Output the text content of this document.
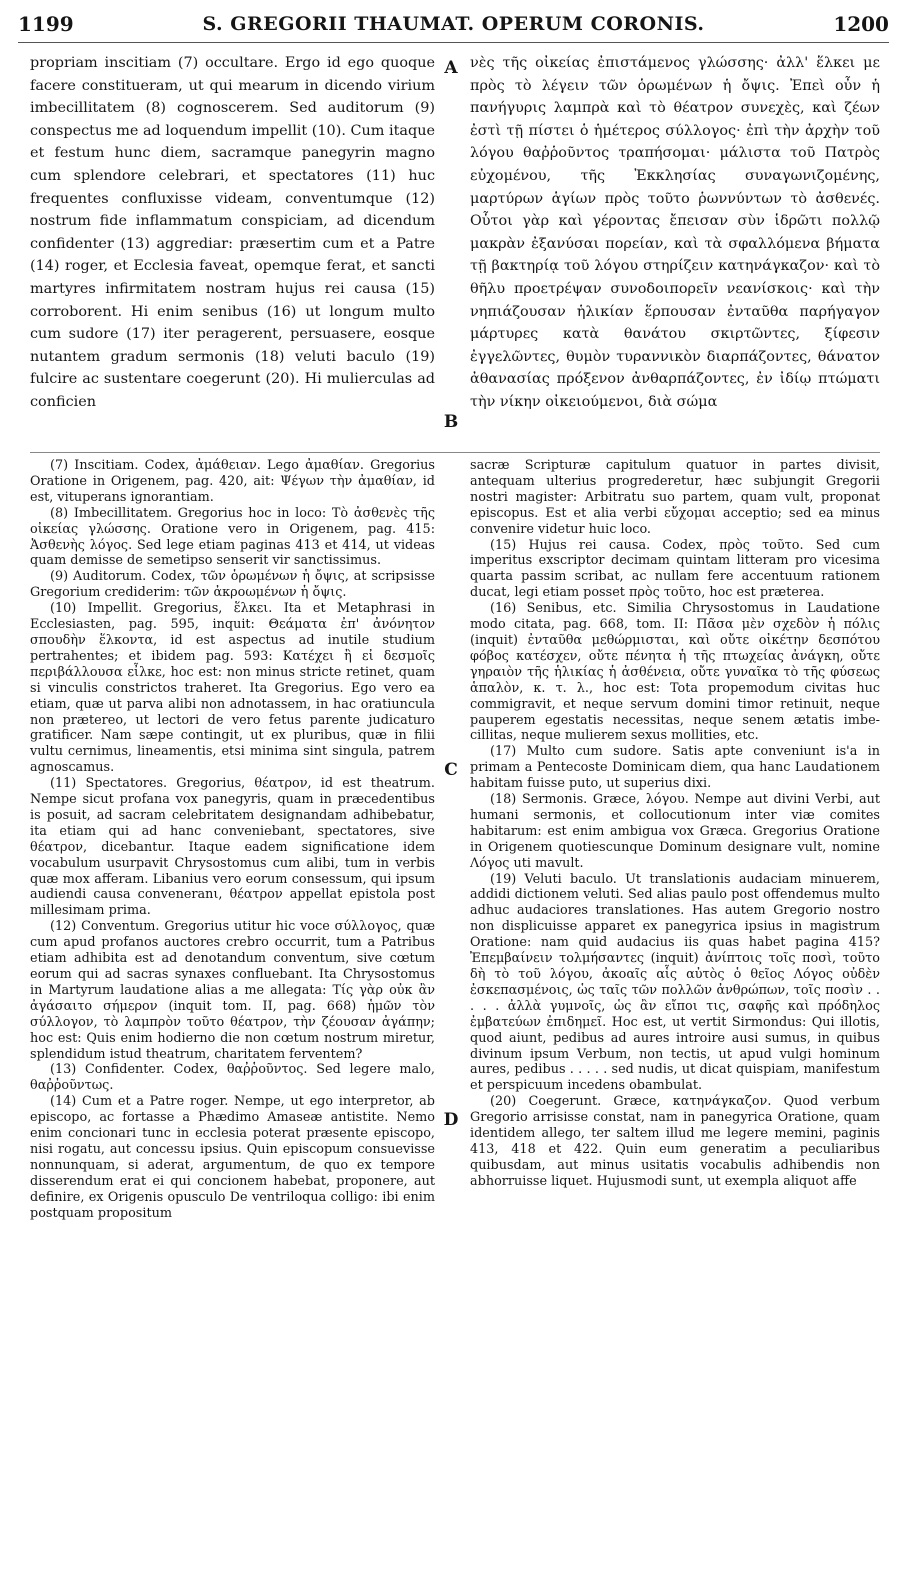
1199	S. GREGORII THAUMAT. OPERUM CORONIS.	1200

propriam inscitiam (7) occultare. Ergo id ego quoque facere constitueram, ut qui mearum in dicendo virium imbecillitatem (8) cognoscerem. Sed auditorum (9) conspectus me ad loquendum impellit (10). Cum itaque et festum hunc diem, sacramque panegyrin magno cum splendore celebrari, et spectatores (11) huc frequentes confluxisse videam, conventumque (12) nostrum fide inflammatum conspiciam, ad dicendum confidenter (13) aggrediar: præsertim cum et a Patre (14) roger, et Ecclesia faveat, opemque ferat, et sancti martyres infirmitatem nostram hujus rei causa (15) corroborent. Hi enim senibus (16) ut longum multo cum sudore (17) iter peragerent, persuasere, eosque nutantem gradum sermonis (18) veluti baculo (19) fulcire ac sustentare coegerunt (20). Hi mulierculas ad conficien

νὲς τῆς οἰκείας ἐπιστάμενος γλώσσης· ἀλλ' ἕλκει με πρὸς τὸ λέγειν τῶν ὁρωμένων ἡ ὄψις. Ἐπεὶ οὖν ἡ πανήγυρις λαμπρὰ καὶ τὸ θέατρον συνεχὲς, καὶ ζέων ἐστὶ τῇ πίστει ὁ ἡμέτερος σύλλογος· ἐπὶ τὴν ἀρχὴν τοῦ λόγου θαῤῥοῦντος τραπήσομαι· μάλιστα τοῦ Πατρὸς εὐχομένου, τῆς Ἐκκλησίας συναγωνιζομένης, μαρτύρων ἁγίων πρὸς τοῦτο ῥωννύντων τὸ ἀσθενές. Οὗτοι γὰρ καὶ γέροντας ἔπεισαν σὺν ἱδρῶτι πολλῷ μακρὰν ἐξανύσαι πορείαν, καὶ τὰ σφαλλόμενα βήματα τῇ βακτηρίᾳ τοῦ λόγου στηρίζειν κατηνάγκαζον· καὶ τὸ θῆλυ προετρέψαν συνοδοιπορεῖν νεανίσκοις· καὶ τὴν νηπιάζουσαν ἡλικίαν ἕρπουσαν ἐνταῦθα παρήγαγον μάρτυρες κατὰ θανάτου σκιρτῶντες, ξίφεσιν ἐγγελῶντες, θυμὸν τυραννικὸν διαρπάζοντες, θάνατον ἀθανασίας πρόξενον ἀνθαρπάζοντες, ἐν ἰδίῳ πτώματι τὴν νίκην οἰκειούμενοι, διὰ σώμα

A
B
C
D

(7) Inscitiam. Codex, ἀμάθειαν. Lego ἀμαθίαν. Gregorius Oratione in Origenem, pag. 420, ait: Ψέγων τὴν ἀμαθίαν, id est, vituperans ignorantiam.

(8) Imbecillitatem. Gregorius hoc in loco: Τὸ ἀσθενὲς τῆς οἰκείας γλώσσης. Oratione vero in Origenem, pag. 415: Ἀσθενὴς λόγος. Sed lege etiam paginas 413 et 414, ut videas quam demisse de semetipso senserit vir sanctissimus.

(9) Auditorum. Codex, τῶν ὁρωμένων ἡ ὄψις, at scripsisse Gregorium crediderim: τῶν ἀκροωμένων ἡ ὄψις.

(10) Impellit. Gregorius, ἕλκει. Ita et Metaphrasi in Ecclesiasten, pag. 595, inquit: Θεάματα ἐπ' ἀνόνητον σπουδὴν ἕλκοντα, id est aspectus ad inutile studium pertrahentes; et ibidem pag. 593: Κατέχει ἢ εἰ δεσμοῖς περιβάλλουσα εἶλκε, hoc est: non minus stricte retinet, quam si vinculis constrictos traheret. Ita Gregorius. Ego vero ea etiam, quæ ut parva alibi non adnotassem, in hac oratiuncula non prætereo, ut lectori de vero fetus parente judicaturo gratificer. Nam sæpe contingit, ut ex pluribus, quæ in filii vultu cernimus, lineamentis, etsi minima sint singula, patrem agnoscamus.

(11) Spectatores. Gregorius, θέατρον, id est theatrum. Nempe sicut profana vox panegyris, quam in præcedentibus is posuit, ad sacram celebritatem designandam adhibebatur, ita etiam qui ad hanc conveniebant, spectatores, sive θέατρον, dicebantur. Itaque eadem significatione idem vocabulum usurpavit Chrysostomus cum alibi, tum in verbis quæ mox afferam. Libanius vero eorum consessum, qui ipsum audiendi causa conveneranι, θέατρον appellat epistola post millesimam prima.

(12) Conventum. Gregorius utitur hic voce σύλλογος, quæ cum apud profanos auctores crebro occurrit, tum a Patribus etiam adhibita est ad denotandum conventum, sive cœtum eorum qui ad sacras synaxes confluebant. Ita Chrysostomus in Martyrum laudatione alias a me allegata: Τίς γὰρ οὐκ ἂν ἀγάσαιτο σήμερον (inquit tom. II, pag. 668) ἡμῶν τὸν σύλλογον, τὸ λαμπρὸν τοῦτο θέατρον, τὴν ζέουσαν ἀγάπην; hoc est: Quis enim hodierno die non cœtum nostrum miretur, splendidum istud theatrum, charitatem ferventem?

(13) Confidenter. Codex, θαῤῥοῦντος. Sed legere malo, θαῤῥοῦντως.

(14) Cum et a Patre roger. Nempe, ut ego interpretor, ab episcopo, ac fortasse a Phædimo Amaseæ antistite. Nemo enim concionari tunc in ecclesia poterat præsente episcopo, nisi rogatu, aut concessu ipsius. Quin episcopum consuevisse nonnunquam, si aderat, argumentum, de quo ex tempore disserendum erat ei qui concionem habebat, proponere, aut definire, ex Origenis opusculo De ventriloqua colligo: ibi enim postquam propositum

sacræ Scripturæ capitulum quatuor in partes divisit, antequam ulterius progrederetur, hæc subjungit Gregorii nostri magister: Arbitratu suo partem, quam vult, proponat episcopus. Est et alia verbi εὔχομαι acceptio; sed ea minus convenire videtur huic loco.

(15) Hujus rei causa. Codex, πρὸς τοῦτο. Sed cum imperitus exscriptor decimam quintam litteram pro vicesima quarta passim scribat, ac nullam fere accentuum rationem ducat, legi etiam posset πρὸς τοῦτο, hoc est præterea.

(16) Senibus, etc. Similia Chrysostomus in Laudatione modo citata, pag. 668, tom. II: Πᾶσα μὲν σχεδὸν ἡ πόλις (inquit) ἐνταῦθα μεθώρμισται, καὶ οὔτε οἰκέτην δεσπότου φόβος κατέσχεν, οὔτε πένητα ἡ τῆς πτωχείας ἀνάγκη, οὔτε γηραιὸν τῆς ἡλικίας ἡ ἀσθένεια, οὔτε γυναῖκα τὸ τῆς φύσεως ἁπαλὸν, κ. τ. λ., hoc est: Tota propemodum civitas huc commigravit, et neque servum domini timor retinuit, neque pauperem egestatis necessitas, neque senem ætatis imbecillitas, neque mulierem sexus mollities, etc.

(17) Multo cum sudore. Satis apte conveniunt is'a in primam a Pentecoste Dominicam diem, qua hanc Laudationem habitam fuisse puto, ut superius dixi.

(18) Sermonis. Græce, λόγου. Nempe aut divini Verbi, aut humani sermonis, et collocutionum inter viæ comites habitarum: est enim ambigua vox Græca. Gregorius Oratione in Origenem quotiescunque Dominum designare vult, nomine Λόγος uti mavult.

(19) Veluti baculo. Ut translationis audaciam minuerem, addidi dictionem veluti. Sed alias paulo post offendemus multo adhuc audaciores translationes. Has autem Gregorio nostro non displicuisse apparet ex panegyrica ipsius in magistrum Oratione: nam quid audacius iis quas habet pagina 415? Ἐπεμβαίνειν τολμήσαντες (inquit) ἀνίπτοις τοῖς ποσὶ, τοῦτο δὴ τὸ τοῦ λόγου, ἀκοαῖς αἷς αὐτὸς ὁ θεῖος Λόγος οὐδὲν ἐσκεπασμένοις, ὡς ταῖς τῶν πολλῶν ἀνθρώπων, τοῖς ποσὶν . . . . . ἀλλὰ γυμνοῖς, ὡς ἂν εἴποι τις, σαφῆς καὶ πρόδηλος ἐμβατεύων ἐπιδημεῖ. Hoc est, ut vertit Sirmondus: Qui illotis, quod aiunt, pedibus ad aures introire ausi sumus, in quibus divinum ipsum Verbum, non tectis, ut apud vulgi hominum aures, pedibus . . . . . sed nudis, ut dicat quispiam, manifestum et perspicuum incedens obambulat.

(20) Coegerunt. Græce, κατηνάγκαζον. Quod verbum Gregorio arrisisse constat, nam in panegyrica Oratione, quam identidem allego, ter saltem illud me legere memini, paginis 413, 418 et 422. Quin eum generatim a peculiaribus quibusdam, aut minus usitatis vocabulis adhibendis non abhorruisse liquet. Hujusmodi sunt, ut exempla aliquot affe
